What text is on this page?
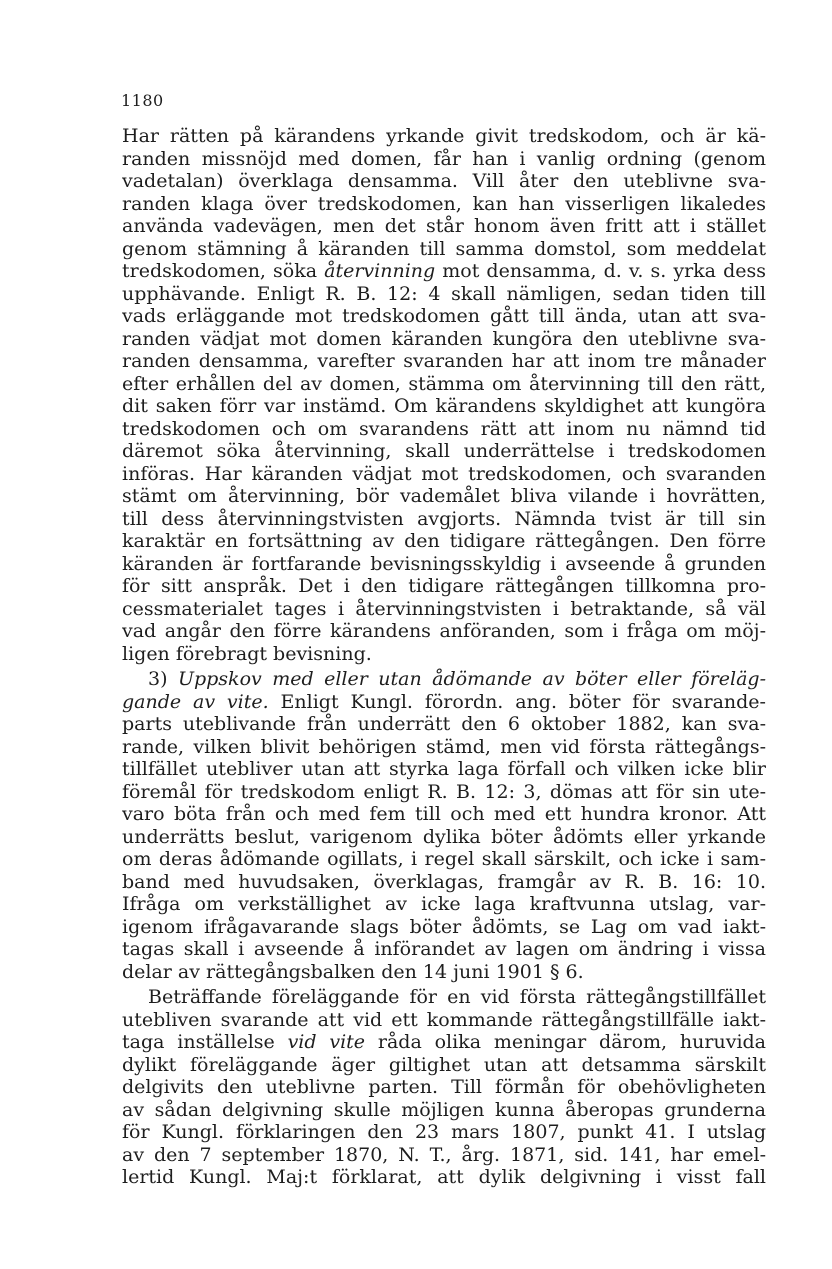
1180
Har rätten på kärandens yrkande givit tredskodom, och är kä-
randen missnöjd med domen, får han i vanlig ordning (genom
vadetalan) överklaga densamma. Vill åter den uteblivne sva-
randen klaga över tredskodomen, kan han visserligen likaledes
använda vadevägen, men det står honom även fritt att i stället
genom stämning å käranden till samma domstol, som meddelat
tredskodomen, söka återvinning mot densamma, d. v. s. yrka dess
upphävande. Enligt R. B. 12: 4 skall nämligen, sedan tiden till
vads erläggande mot tredskodomen gått till ända, utan att sva-
randen vädjat mot domen käranden kungöra den uteblivne sva-
randen densamma, varefter svaranden har att inom tre månader
efter erhållen del av domen, stämma om återvinning till den rätt,
dit saken förr var instämd. Om kärandens skyldighet att kungöra
tredskodomen och om svarandens rätt att inom nu nämnd tid
däremot söka återvinning, skall underrättelse i tredskodomen
införas. Har käranden vädjat mot tredskodomen, och svaranden
stämt om återvinning, bör vademålet bliva vilande i hovrätten,
till dess återvinningstvisten avgjorts. Nämnda tvist är till sin
karaktär en fortsättning av den tidigare rättegången. Den förre
käranden är fortfarande bevisningsskyldig i avseende å grunden
för sitt anspråk. Det i den tidigare rättegången tillkomna pro-
cessmaterialet tages i återvinningstvisten i betraktande, så väl
vad angår den förre kärandens anföranden, som i fråga om möj-
ligen förebragt bevisning.
3) Uppskov med eller utan ådömande av böter eller föreläg-
gande av vite. Enligt Kungl. förordn. ang. böter för svarande-
parts uteblivande från underrätt den 6 oktober 1882, kan sva-
rande, vilken blivit behörigen stämd, men vid första rättegångs-
tillfället utebliver utan att styrka laga förfall och vilken icke blir
föremål för tredskodom enligt R. B. 12: 3, dömas att för sin ute-
varo böta från och med fem till och med ett hundra kronor. Att
underrätts beslut, varigenom dylika böter ådömts eller yrkande
om deras ådömande ogillats, i regel skall särskilt, och icke i sam-
band med huvudsaken, överklagas, framgår av R. B. 16: 10.
Ifråga om verkställighet av icke laga kraftvunna utslag, var-
igenom ifrågavarande slags böter ådömts, se Lag om vad iakt-
tagas skall i avseende å införandet av lagen om ändring i vissa
delar av rättegångsbalken den 14 juni 1901 § 6.
Beträffande föreläggande för en vid första rättegångstillfället
utebliven svarande att vid ett kommande rättegångstillfälle iakt-
taga inställelse vid vite råda olika meningar därom, huruvida
dylikt föreläggande äger giltighet utan att detsamma särskilt
delgivits den uteblivne parten. Till förmån för obehövligheten
av sådan delgivning skulle möjligen kunna åberopas grunderna
för Kungl. förklaringen den 23 mars 1807, punkt 41. I utslag
av den 7 september 1870, N. T., årg. 1871, sid. 141, har emel-
lertid Kungl. Maj:t förklarat, att dylik delgivning i visst fall
